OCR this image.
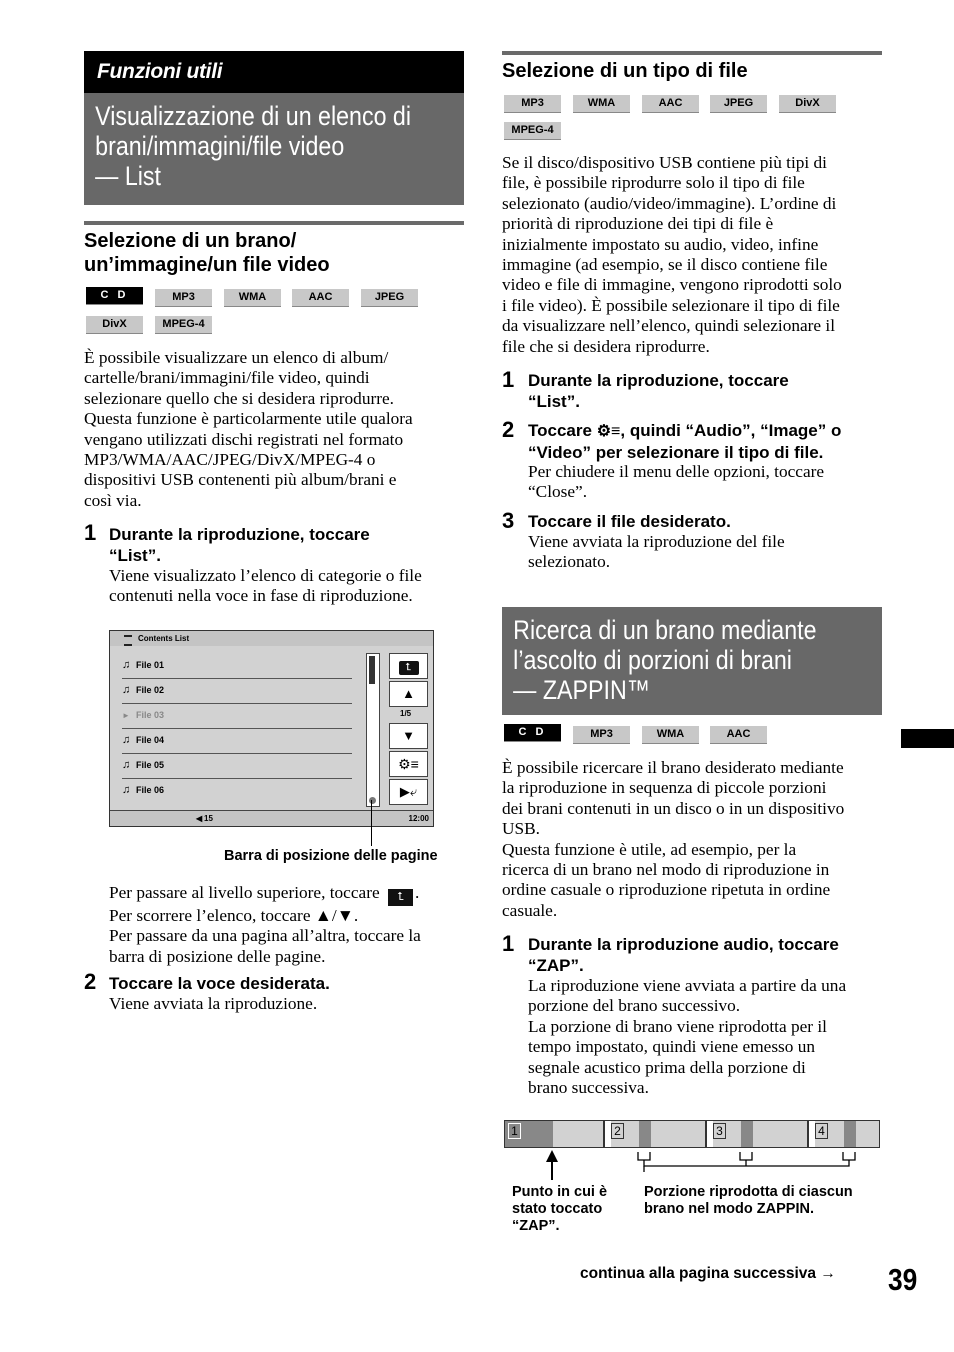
Funzioni utili
Visualizzazione di un elenco di
brani/immagini/file video
— List
Selezione di un brano/
un’immagine/un file video
C D	MP3	WMA	AAC	JPEG
DivX	MPEG-4
È possibile visualizzare un elenco di album/
cartelle/brani/immagini/file video, quindi
selezionare quello che si desidera riprodurre.
Questa funzione è particolarmente utile qualora
vengano utilizzati dischi registrati nel formato
MP3/WMA/AAC/JPEG/DivX/MPEG-4 o
dispositivi USB contenenti più album/brani e
così via.
1 Durante la riproduzione, toccare
“List”.
Viene visualizzato l’elenco di categorie o file
contenuti nella voce in fase di riproduzione.
Contents List
♫ File 01
♫ File 02
► File 03
♫ File 04
♫ File 05
♫ File 06
⮤
▲
1/5
▼
⚙≡
▶⤶
◀ 15	12:00
Barra di posizione delle pagine
Per passare al livello superiore, toccare ⮤ .
Per scorrere l’elenco, toccare ▲/▼.
Per passare da una pagina all’altra, toccare la
barra di posizione delle pagine.
2 Toccare la voce desiderata.
Viene avviata la riproduzione.
Selezione di un tipo di file
MP3	WMA	AAC	JPEG	DivX
MPEG-4
Se il disco/dispositivo USB contiene più tipi di
file, è possibile riprodurre solo il tipo di file
selezionato (audio/video/immagine). L’ordine di
priorità di riproduzione dei tipi di file è
inizialmente impostato su audio, video, infine
immagine (ad esempio, se il disco contiene file
video e file di immagine, vengono riprodotti solo
i file video). È possibile selezionare il tipo di file
da visualizzare nell’elenco, quindi selezionare il
file che si desidera riprodurre.
1 Durante la riproduzione, toccare
“List”.
2 Toccare ⚙≡, quindi “Audio”, “Image” o
“Video” per selezionare il tipo di file.
Per chiudere il menu delle opzioni, toccare
“Close”.
3 Toccare il file desiderato.
Viene avviata la riproduzione del file
selezionato.
Ricerca di un brano mediante
l’ascolto di porzioni di brani
— ZAPPIN™
C D	MP3	WMA	AAC
È possibile ricercare il brano desiderato mediante
la riproduzione in sequenza di piccole porzioni
dei brani contenuti in un disco o in un dispositivo
USB.
Questa funzione è utile, ad esempio, per la
ricerca di un brano nel modo di riproduzione in
ordine casuale o riproduzione ripetuta in ordine
casuale.
1 Durante la riproduzione audio, toccare
“ZAP”.
La riproduzione viene avviata a partire da una
porzione del brano successivo.
La porzione di brano viene riprodotta per il
tempo impostato, quindi viene emesso un
segnale acustico prima della porzione di
brano successiva.
1	2	3	4
Punto in cui è
stato toccato
“ZAP”.
Porzione riprodotta di ciascun
brano nel modo ZAPPIN.
continua alla pagina successiva →	39
